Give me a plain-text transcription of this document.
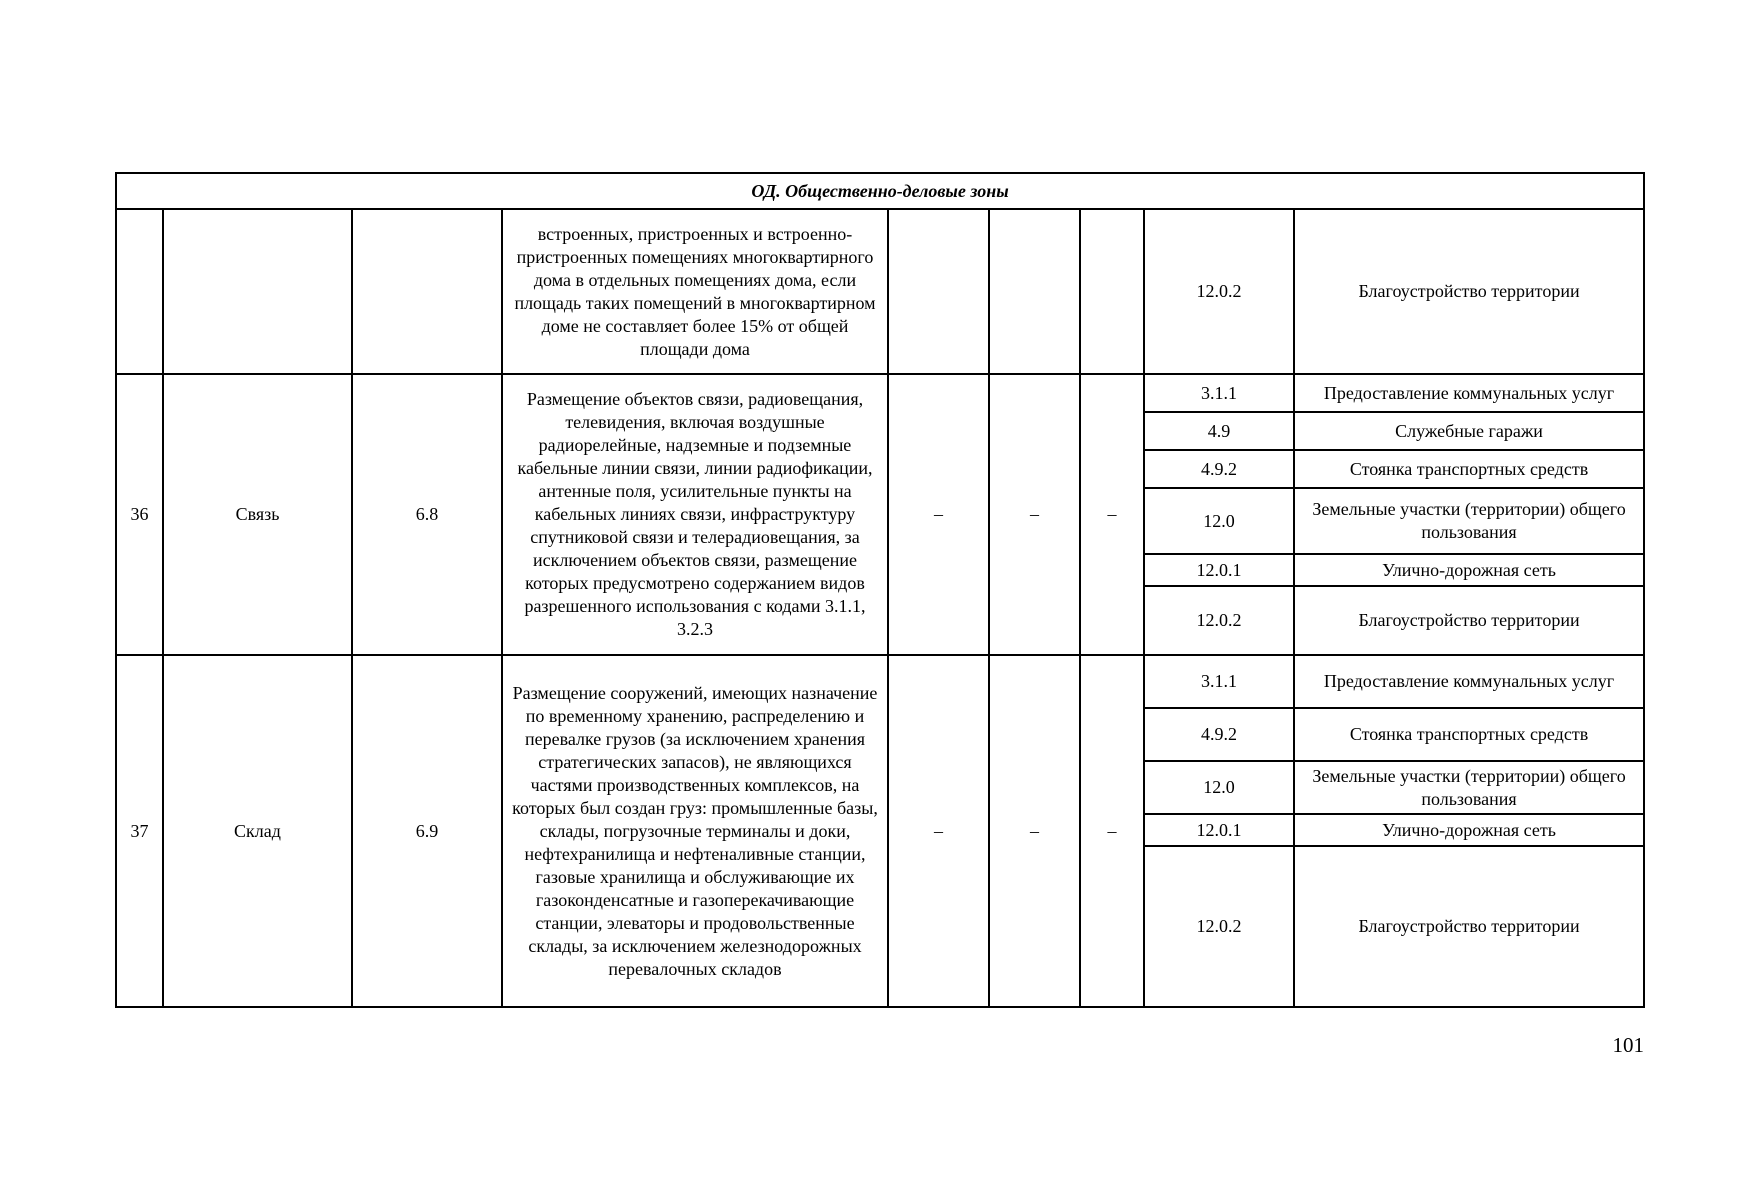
ОД. Общественно-деловые зоны								
			встроенных, пристроенных и встроенно-пристроенных помещениях многоквартирного дома в отдельных помещениях дома, если площадь таких помещений в многоквартирном доме не составляет более 15% от общей площади дома				12.0.2	Благоустройство территории
36	Связь	6.8	Размещение объектов связи, радиовещания, телевидения, включая воздушные радиорелейные, надземные и подземные кабельные линии связи, линии радиофикации, антенные поля, усилительные пункты на кабельных линиях связи, инфраструктуру спутниковой связи и телерадиовещания, за исключением объектов связи, размещение которых предусмотрено содержанием видов разрешенного использования с кодами 3.1.1, 3.2.3	–	–	–	3.1.1	Предоставление коммунальных услуг
							4.9	Служебные гаражи
							4.9.2	Стоянка транспортных средств
							12.0	Земельные участки (территории) общего пользования
							12.0.1	Улично-дорожная сеть
							12.0.2	Благоустройство территории
37	Склад	6.9	Размещение сооружений, имеющих назначение по временному хранению, распределению и перевалке грузов (за исключением хранения стратегических запасов), не являющихся частями производственных комплексов, на которых был создан груз: промышленные базы, склады, погрузочные терминалы и доки, нефтехранилища и нефтеналивные станции, газовые хранилища и обслуживающие их газоконденсатные и газоперекачивающие станции, элеваторы и продовольственные склады, за исключением железнодорожных перевалочных складов	–	–	–	3.1.1	Предоставление коммунальных услуг
							4.9.2	Стоянка транспортных средств
							12.0	Земельные участки (территории) общего пользования
							12.0.1	Улично-дорожная сеть
							12.0.2	Благоустройство территории
101
